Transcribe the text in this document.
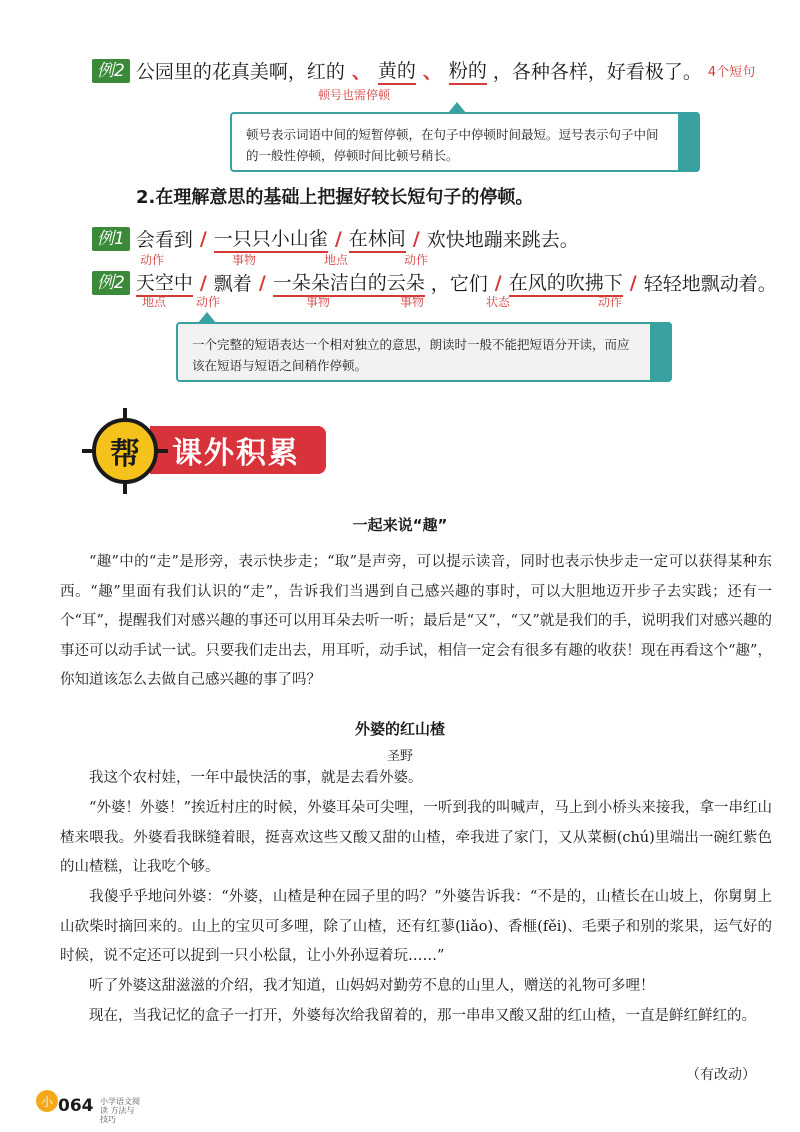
例2 公园里的花真美啊，红的 、 黄的 、 粉的 ，各种各样，好看极了。 4个短句
顿号也需停顿
顿号表示词语中间的短暂停顿，在句子中停顿时间最短。逗号表示句子中间的一般性停顿，停顿时间比顿号稍长。
2.在理解意思的基础上把握好较长短句子的停顿。
例1 会看到 / 一只只小山雀 / 在林间 / 欢快地蹦来跳去。
动作	事物	地点	动作
例2 天空中 / 飘着 / 一朵朵洁白的云朵 ，它们 / 在风的吹拂下 / 轻轻地飘动着。
地点 动作	事物	事物	状态	动作
一个完整的短语表达一个相对独立的意思，朗读时一般不能把短语分开读，而应该在短语与短语之间稍作停顿。
课外积累
帮
一起来说“趣”
“趣”中的“走”是形旁，表示快步走；“取”是声旁，可以提示读音，同时也表示快步走一定可以获得某种东西。“趣”里面有我们认识的“走”，告诉我们当遇到自己感兴趣的事时，可以大胆地迈开步子去实践；还有一个“耳”，提醒我们对感兴趣的事还可以用耳朵去听一听；最后是“又”，“又”就是我们的手，说明我们对感兴趣的事还可以动手试一试。只要我们走出去，用耳听，动手试，相信一定会有很多有趣的收获！现在再看这个“趣”，你知道该怎么去做自己感兴趣的事了吗？
外婆的红山楂
圣野
我这个农村娃，一年中最快活的事，就是去看外婆。
“外婆！外婆！”挨近村庄的时候，外婆耳朵可尖哩，一听到我的叫喊声，马上到小桥头来接我，拿一串红山楂来喂我。外婆看我眯缝着眼，挺喜欢这些又酸又甜的山楂，牵我进了家门，又从菜橱(chú)里端出一碗红紫色的山楂糕，让我吃个够。
我傻乎乎地问外婆：“外婆，山楂是种在园子里的吗？”外婆告诉我：“不是的，山楂长在山坡上，你舅舅上山砍柴时摘回来的。山上的宝贝可多哩，除了山楂，还有红蓼(liǎo)、香榧(fěi)、毛栗子和别的浆果，运气好的时候，说不定还可以捉到一只小松鼠，让小外孙逗着玩……”
听了外婆这甜滋滋的介绍，我才知道，山妈妈对勤劳不息的山里人，赠送的礼物可多哩！
现在，当我记忆的盒子一打开，外婆每次给我留着的，那一串串又酸又甜的红山楂，一直是鲜红鲜红的。
（有改动）
小 064 小学语文阅读 方法与技巧
